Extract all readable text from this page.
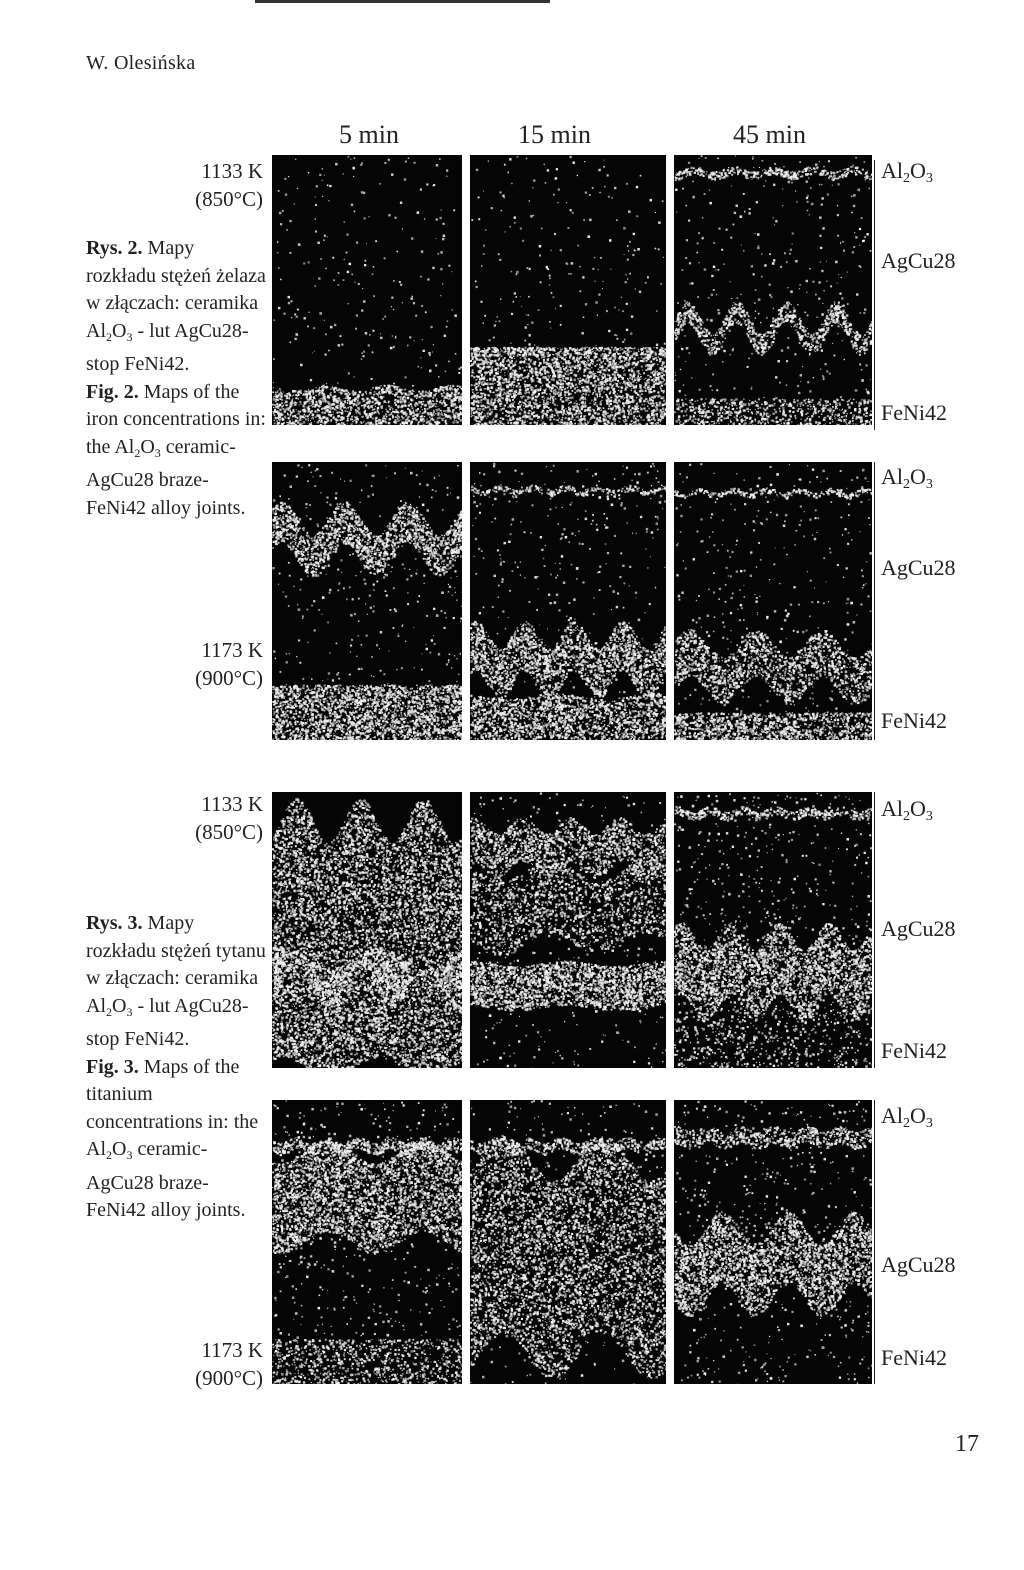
W. Olesińska
5 min	15 min	45 min
1133 K
(850°C)
1173 K
(900°C)
1133 K
(850°C)
1173 K
(900°C)
Rys. 2. Mapy rozkładu stężeń żelaza w złączach: ceramika $Al_2O_3$ - lut AgCu28-stop FeNi42.
Fig. 2. Maps of the iron concentrations in: the $Al_2O_3$ ceramic-AgCu28 braze-FeNi42 alloy joints.
Rys. 3. Mapy rozkładu stężeń tytanu w złączach: ceramika $Al_2O_3$ - lut AgCu28-stop FeNi42.
Fig. 3. Maps of the titanium concentrations in: the $Al_2O_3$ ceramic-AgCu28 braze-FeNi42 alloy joints.
$Al_2O_3$
AgCu28
FeNi42
$Al_2O_3$
AgCu28
FeNi42
$Al_2O_3$
AgCu28
FeNi42
$Al_2O_3$
AgCu28
FeNi42
17
